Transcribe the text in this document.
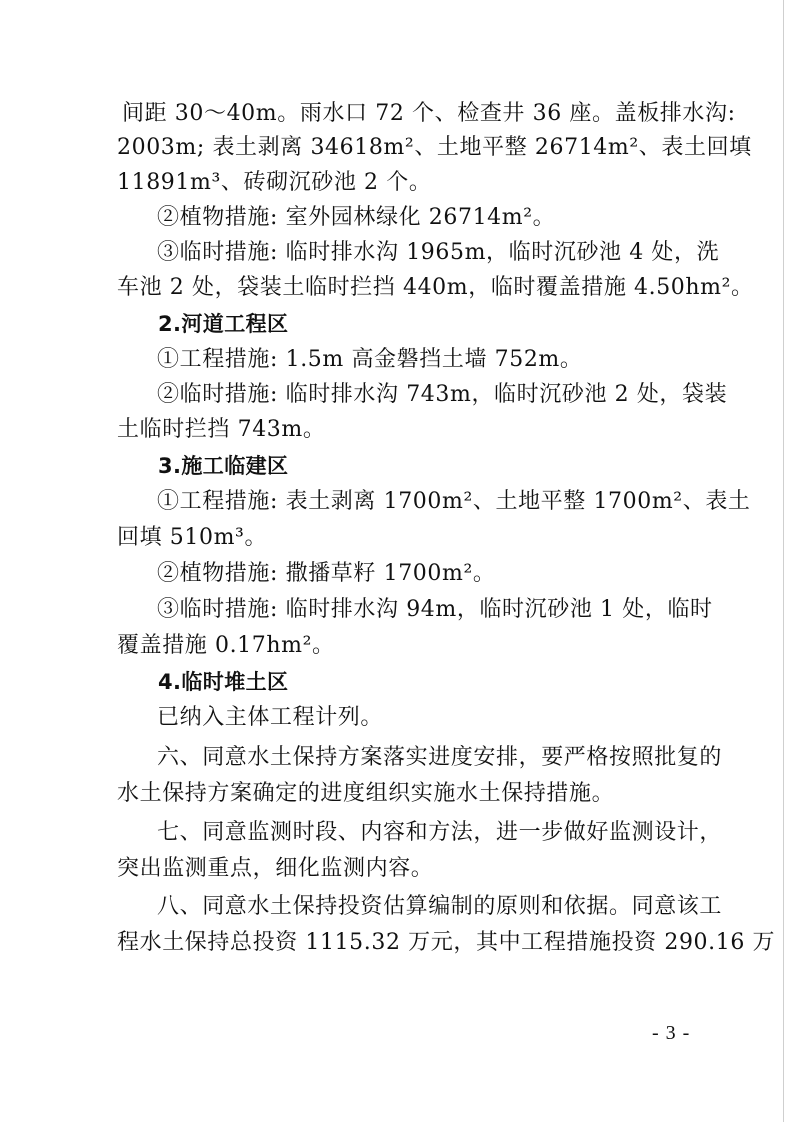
间距 30～40m。雨水口 72 个、检查井 36 座。盖板排水沟:
2003m; 表土剥离 34618m²、土地平整 26714m²、表土回填
11891m³、砖砌沉砂池 2 个。
②植物措施: 室外园林绿化 26714m²。
③临时措施: 临时排水沟 1965m，临时沉砂池 4 处，洗
车池 2 处，袋装土临时拦挡 440m，临时覆盖措施 4.50hm²。
2.河道工程区
①工程措施: 1.5m 高金磐挡土墙 752m。
②临时措施: 临时排水沟 743m，临时沉砂池 2 处，袋装
土临时拦挡 743m。
3.施工临建区
①工程措施: 表土剥离 1700m²、土地平整 1700m²、表土
回填 510m³。
②植物措施: 撒播草籽 1700m²。
③临时措施: 临时排水沟 94m，临时沉砂池 1 处，临时
覆盖措施 0.17hm²。
4.临时堆土区
已纳入主体工程计列。
六、同意水土保持方案落实进度安排，要严格按照批复的
水土保持方案确定的进度组织实施水土保持措施。
七、同意监测时段、内容和方法，进一步做好监测设计，
突出监测重点，细化监测内容。
八、同意水土保持投资估算编制的原则和依据。同意该工
程水土保持总投资 1115.32 万元，其中工程措施投资 290.16 万
- 3 -
